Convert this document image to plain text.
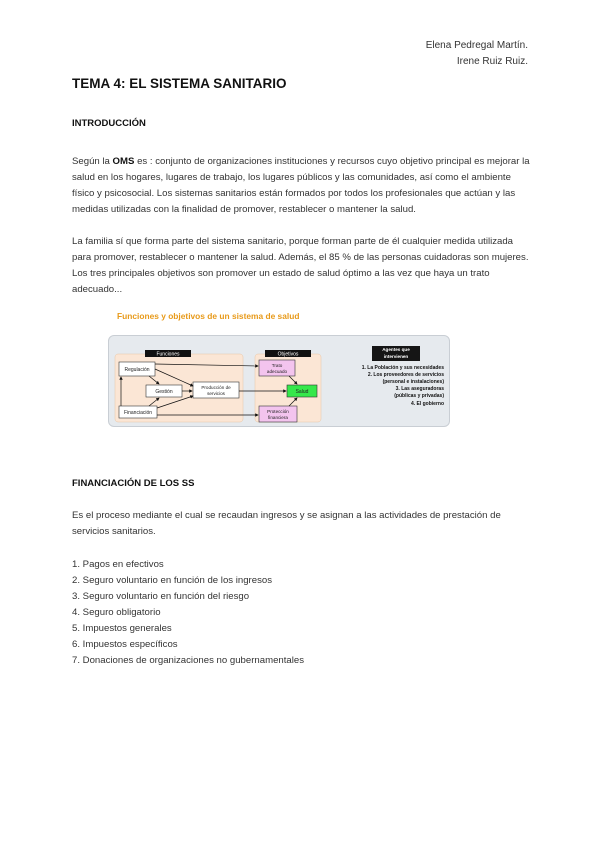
Elena Pedregal Martín.
Irene Ruiz Ruiz.
TEMA 4: EL SISTEMA SANITARIO
INTRODUCCIÓN

Según la OMS es : conjunto de organizaciones instituciones y recursos cuyo objetivo principal es mejorar la salud en los hogares, lugares de trabajo, los lugares públicos y las comunidades, así como el ambiente físico y psicosocial. Los sistemas sanitarios están formados por todos los profesionales que actúan y las medidas utilizadas con la finalidad de promover, restablecer o mantener la salud.

La familia sí que forma parte del sistema sanitario, porque forman parte de él cualquier medida utilizada para promover, restablecer o mantener la salud. Además, el 85 % de las personas cuidadoras son mujeres. Los tres principales objetivos son promover un estado de salud óptimo a las vez que haya un trato adecuado...

Funciones y objetivos de un sistema de salud
Funciones	Objetivos
Regulación
Gestión
Producción de
servicios
Financiación
Trato
adecuado
Salud
Protección
financiera
Agentes que
intervienen
1. La Población y sus necesidades
2. Los proveedores de servicios
(personal e instalaciones)
3. Las aseguradoras
(públicas y privadas)
4. El gobierno
FINANCIACIÓN DE LOS SS

Es el proceso mediante el cual se recaudan ingresos y se asignan a las actividades de prestación de servicios sanitarios.

1. Pagos en efectivos
2. Seguro voluntario en función de los ingresos
3. Seguro voluntario en función del riesgo
4. Seguro obligatorio
5. Impuestos generales
6. Impuestos específicos
7. Donaciones de organizaciones no gubernamentales
